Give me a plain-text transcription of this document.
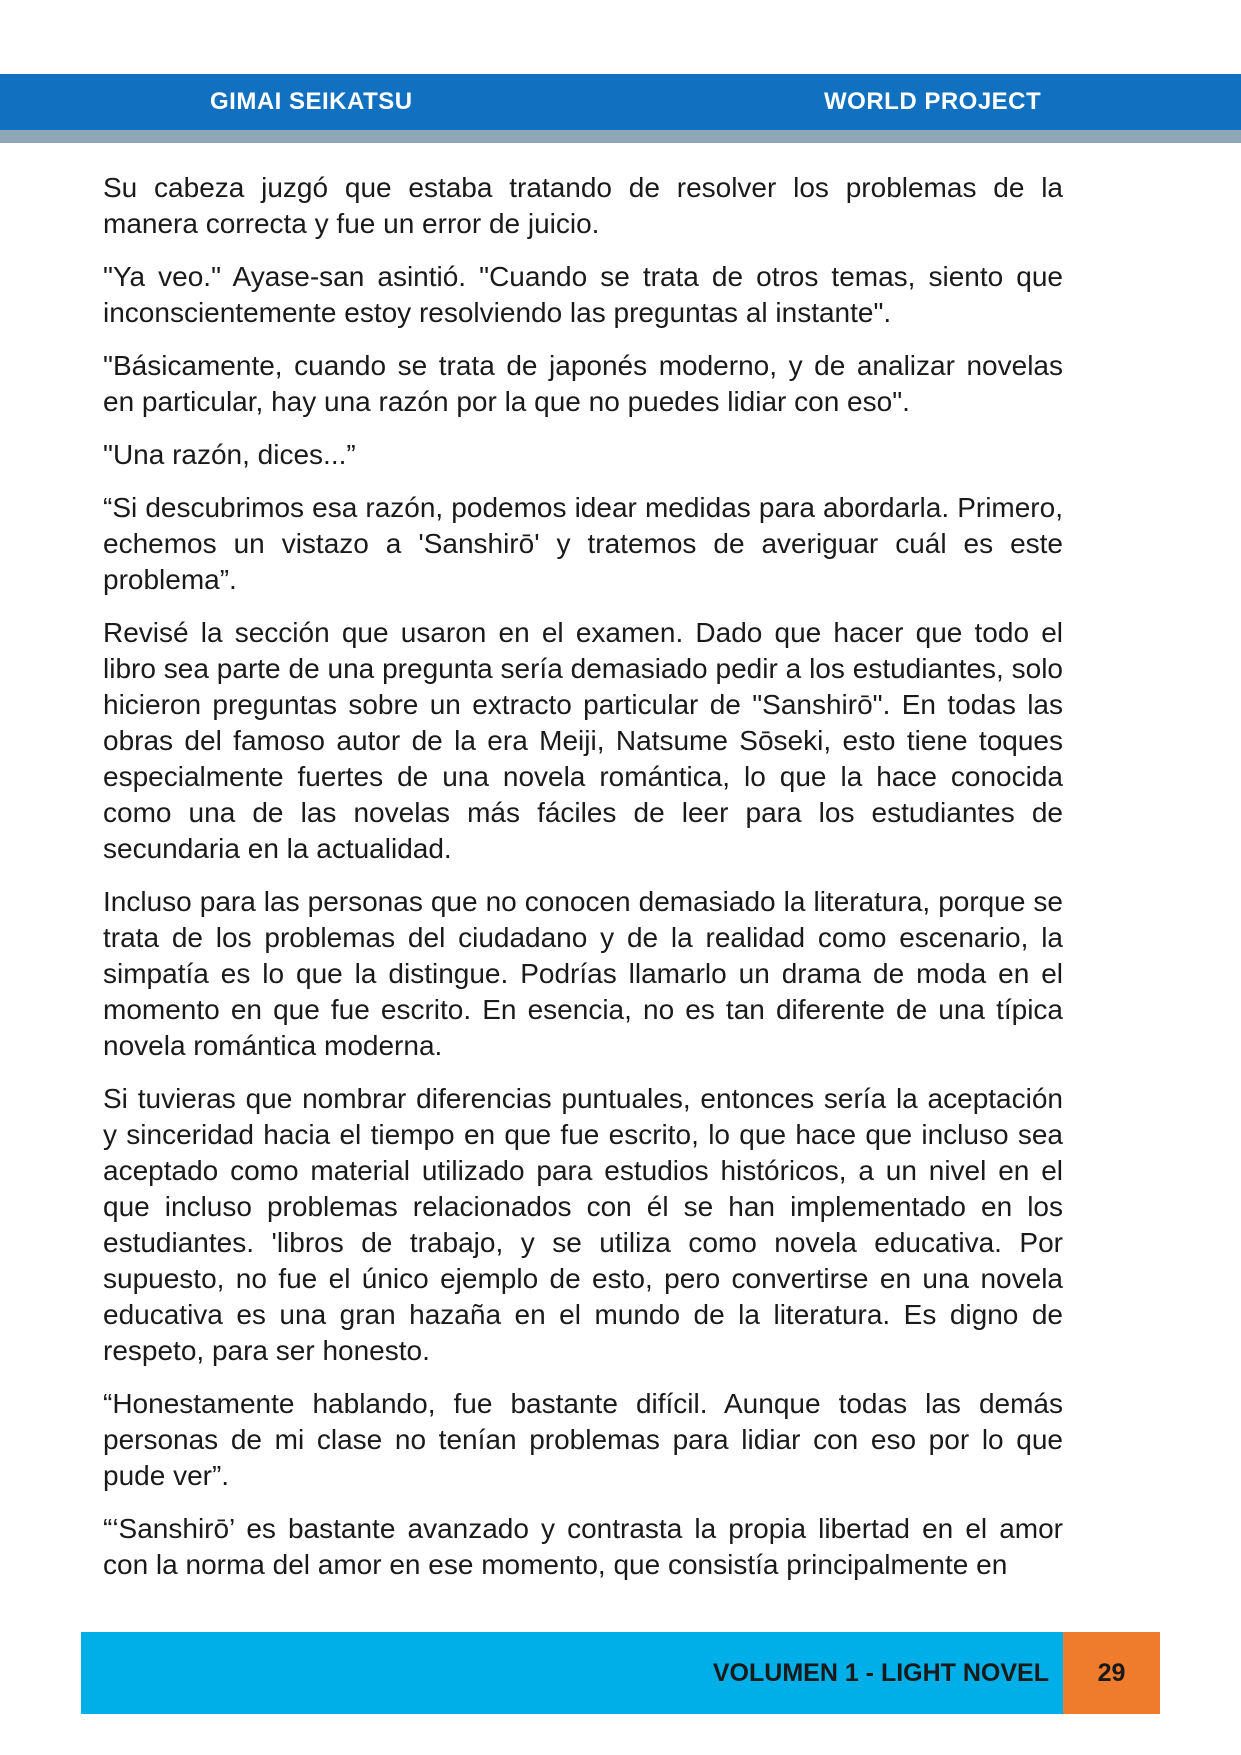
GIMAI SEIKATSU	WORLD PROJECT

Su cabeza juzgó que estaba tratando de resolver los problemas de la manera correcta y fue un error de juicio.

"Ya veo." Ayase-san asintió. "Cuando se trata de otros temas, siento que inconscientemente estoy resolviendo las preguntas al instante".

"Básicamente, cuando se trata de japonés moderno, y de analizar novelas en particular, hay una razón por la que no puedes lidiar con eso".

"Una razón, dices...”

“Si descubrimos esa razón, podemos idear medidas para abordarla. Primero, echemos un vistazo a 'Sanshirō' y tratemos de averiguar cuál es este problema”.

Revisé la sección que usaron en el examen. Dado que hacer que todo el libro sea parte de una pregunta sería demasiado pedir a los estudiantes, solo hicieron preguntas sobre un extracto particular de "Sanshirō". En todas las obras del famoso autor de la era Meiji, Natsume Sōseki, esto tiene toques especialmente fuertes de una novela romántica, lo que la hace conocida como una de las novelas más fáciles de leer para los estudiantes de secundaria en la actualidad.

Incluso para las personas que no conocen demasiado la literatura, porque se trata de los problemas del ciudadano y de la realidad como escenario, la simpatía es lo que la distingue. Podrías llamarlo un drama de moda en el momento en que fue escrito. En esencia, no es tan diferente de una típica novela romántica moderna.

Si tuvieras que nombrar diferencias puntuales, entonces sería la aceptación y sinceridad hacia el tiempo en que fue escrito, lo que hace que incluso sea aceptado como material utilizado para estudios históricos, a un nivel en el que incluso problemas relacionados con él se han implementado en los estudiantes. 'libros de trabajo, y se utiliza como novela educativa. Por supuesto, no fue el único ejemplo de esto, pero convertirse en una novela educativa es una gran hazaña en el mundo de la literatura. Es digno de respeto, para ser honesto.

“Honestamente hablando, fue bastante difícil. Aunque todas las demás personas de mi clase no tenían problemas para lidiar con eso por lo que pude ver”.

“‘Sanshirō’ es bastante avanzado y contrasta la propia libertad en el amor con la norma del amor en ese momento, que consistía principalmente en

VOLUMEN 1 - LIGHT NOVEL	29
